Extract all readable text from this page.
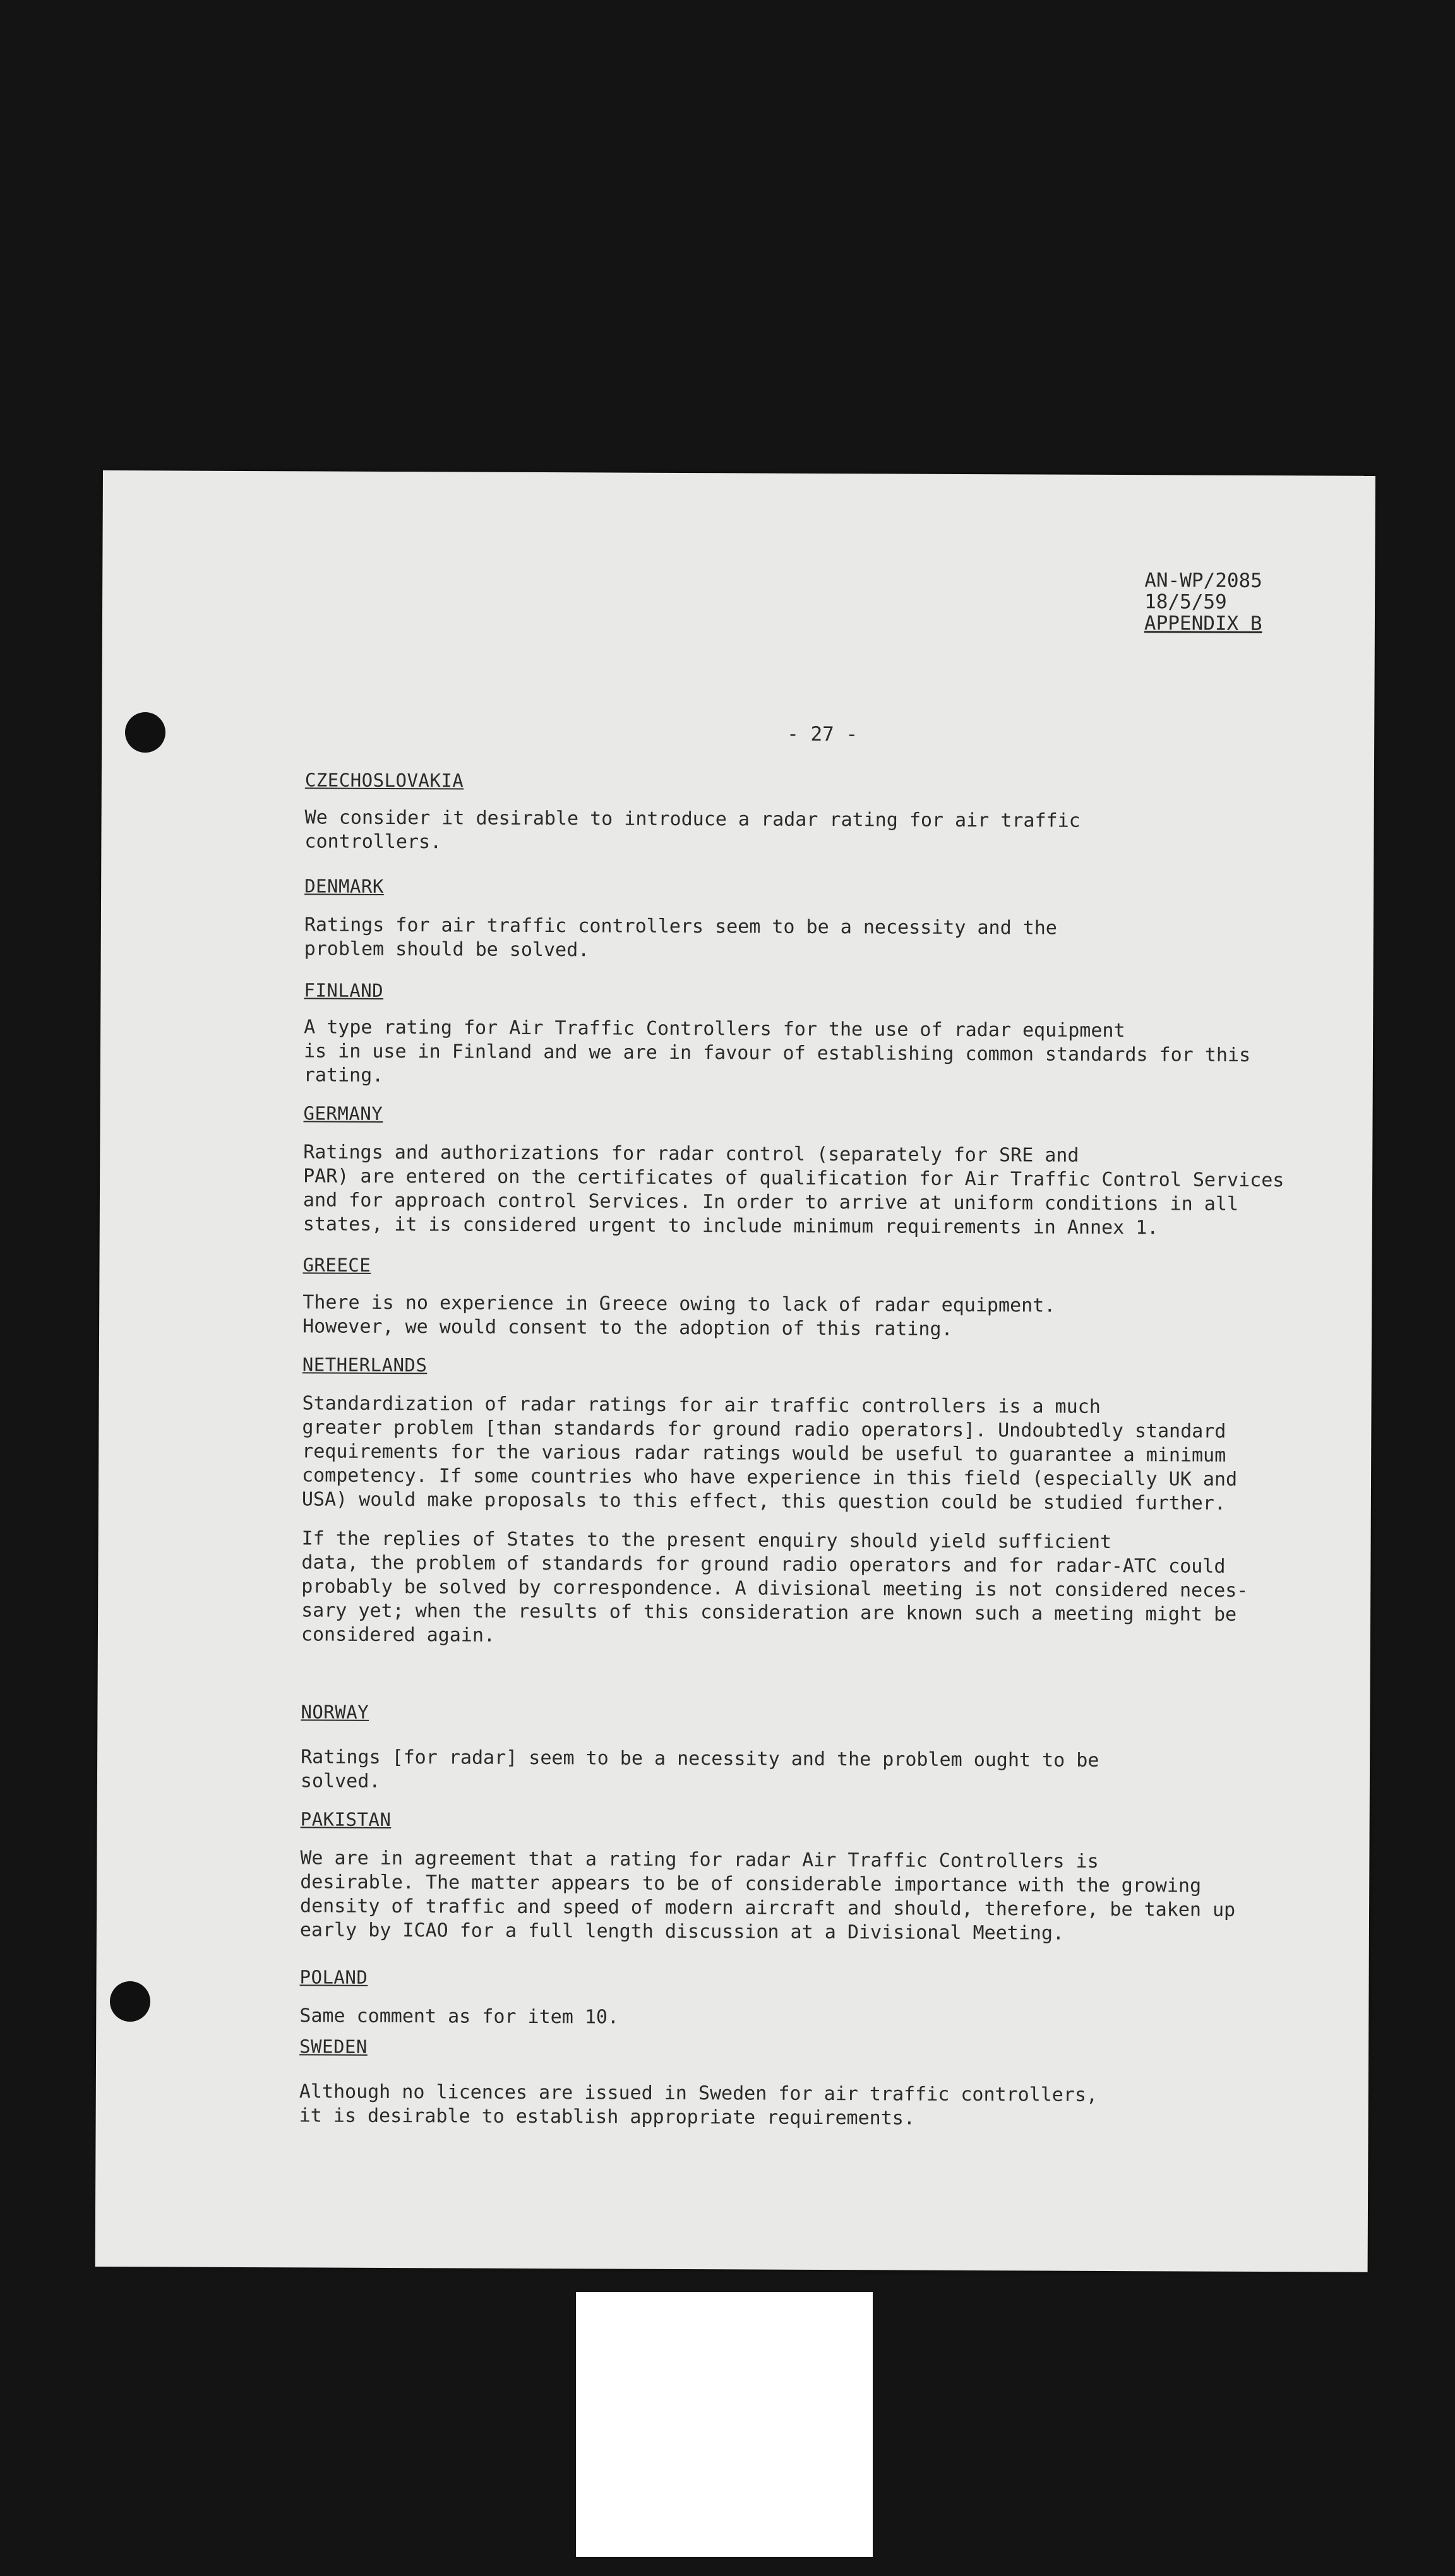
AN-WP/2085
18/5/59
APPENDIX B
- 27 -
CZECHOSLOVAKIA
We consider it desirable to introduce a radar rating for air traffic
controllers.
DENMARK
Ratings for air traffic controllers seem to be a necessity and the
problem should be solved.
FINLAND
A type rating for Air Traffic Controllers for the use of radar equipment
is in use in Finland and we are in favour of establishing common standards for this
rating.
GERMANY
Ratings and authorizations for radar control (separately for SRE and
PAR) are entered on the certificates of qualification for Air Traffic Control Services
and for approach control Services. In order to arrive at uniform conditions in all
states, it is considered urgent to include minimum requirements in Annex 1.
GREECE
There is no experience in Greece owing to lack of radar equipment.
However, we would consent to the adoption of this rating.
NETHERLANDS
Standardization of radar ratings for air traffic controllers is a much
greater problem [than standards for ground radio operators]. Undoubtedly standard
requirements for the various radar ratings would be useful to guarantee a minimum
competency. If some countries who have experience in this field (especially UK and
USA) would make proposals to this effect, this question could be studied further.
If the replies of States to the present enquiry should yield sufficient
data, the problem of standards for ground radio operators and for radar-ATC could
probably be solved by correspondence. A divisional meeting is not considered neces-
sary yet; when the results of this consideration are known such a meeting might be
considered again.
NORWAY
Ratings [for radar] seem to be a necessity and the problem ought to be
solved.
PAKISTAN
We are in agreement that a rating for radar Air Traffic Controllers is
desirable. The matter appears to be of considerable importance with the growing
density of traffic and speed of modern aircraft and should, therefore, be taken up
early by ICAO for a full length discussion at a Divisional Meeting.
POLAND
Same comment as for item 10.
SWEDEN
Although no licences are issued in Sweden for air traffic controllers,
it is desirable to establish appropriate requirements.
